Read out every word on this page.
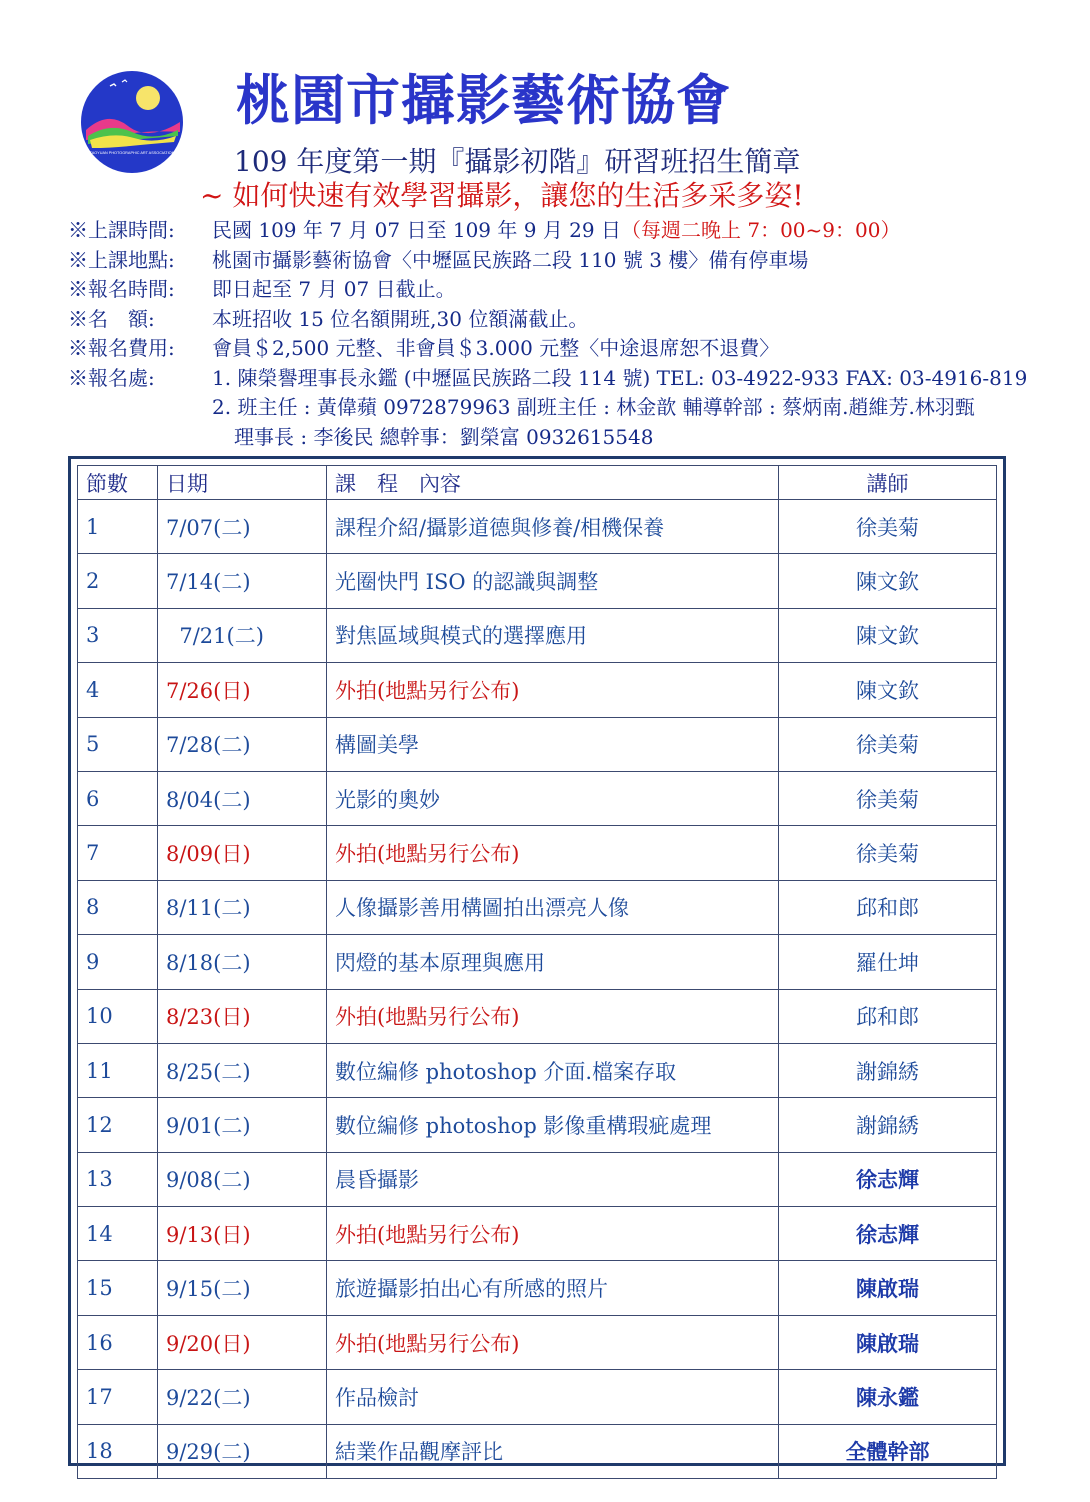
TAOYUAN PHOTOGRAPHIC ART ASSOCIATION
桃園市攝影藝術協會
109 年度第一期『攝影初階』研習班招生簡章
~ 如何快速有效學習攝影，讓您的生活多采多姿!
※上課時間:	民國 109 年 7 月 07 日至 109 年 9 月 29 日（每週二晚上 7：00~9：00）
※上課地點:	桃園市攝影藝術協會〈中壢區民族路二段 110 號 3 樓〉備有停車場
※報名時間:	即日起至 7 月 07 日截止。
※名　額:	本班招收 15 位名額開班,30 位額滿截止。
※報名費用:	會員＄2,500 元整、非會員＄3.000 元整〈中途退席恕不退費〉
※報名處:	1. 陳榮譽理事長永鑑 (中壢區民族路二段 114 號) TEL: 03-4922-933 FAX: 03-4916-819
2. 班主任 : 黃偉蘋 0972879963 副班主任 : 林金歆 輔導幹部 : 蔡炳南.趙維芳.林羽甄
理事長 : 李後民 總幹事：劉榮富 0932615548
節數	日期	課　程　內容	講師
1	7/07(二)	課程介紹/攝影道德與修養/相機保養	徐美菊
2	7/14(二)	光圈快門 ISO 的認識與調整	陳文欽
3	7/21(二)	對焦區域與模式的選擇應用	陳文欽
4	7/26(日)	外拍(地點另行公布)	陳文欽
5	7/28(二)	構圖美學	徐美菊
6	8/04(二)	光影的奧妙	徐美菊
7	8/09(日)	外拍(地點另行公布)	徐美菊
8	8/11(二)	人像攝影善用構圖拍出漂亮人像	邱和郎
9	8/18(二)	閃燈的基本原理與應用	羅仕坤
10	8/23(日)	外拍(地點另行公布)	邱和郎
11	8/25(二)	數位編修 photoshop 介面.檔案存取	謝錦綉
12	9/01(二)	數位編修 photoshop 影像重構瑕疵處理	謝錦綉
13	9/08(二)	晨昏攝影	徐志輝
14	9/13(日)	外拍(地點另行公布)	徐志輝
15	9/15(二)	旅遊攝影拍出心有所感的照片	陳啟瑞
16	9/20(日)	外拍(地點另行公布)	陳啟瑞
17	9/22(二)	作品檢討	陳永鑑
18	9/29(二)	結業作品觀摩評比	全體幹部
